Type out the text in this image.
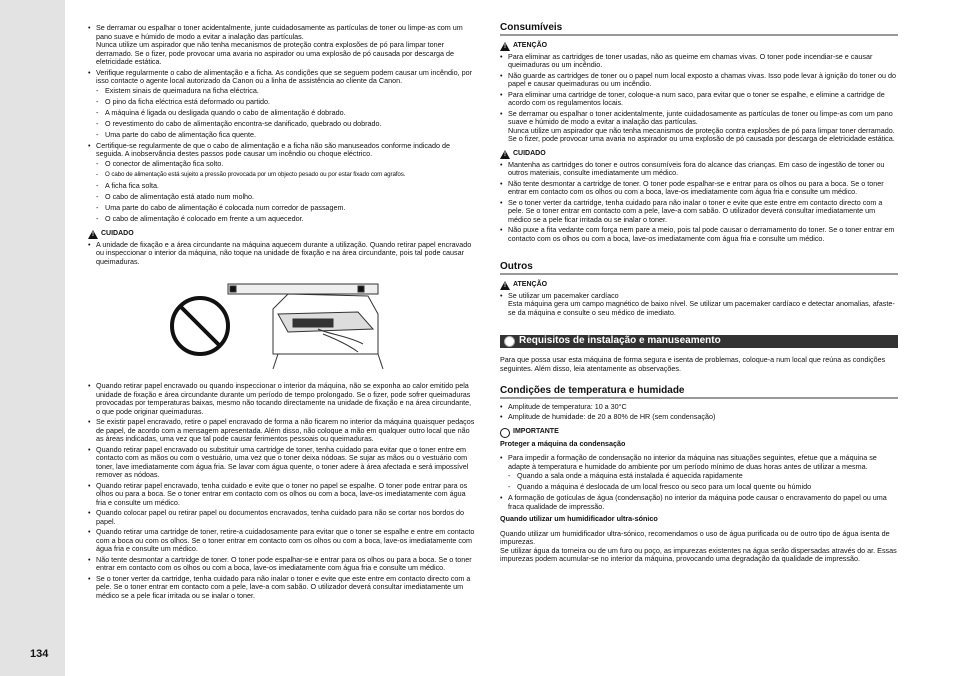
134
• Se derramar ou espalhar o toner acidentalmente, junte cuidadosamente as partículas de toner ou limpe-as com um pano suave e húmido de modo a evitar a inalação das partículas.
Nunca utilize um aspirador que não tenha mecanismos de proteção contra explosões de pó para limpar toner derramado. Se o fizer, pode provocar uma avaria no aspirador ou uma explosão de pó causada por descarga de eletricidade estática.
• Verifique regularmente o cabo de alimentação e a ficha. As condições que se seguem podem causar um incêndio, por isso contacte o agente local autorizado da Canon ou a linha de assistência ao cliente da Canon.
- Existem sinais de queimadura na ficha eléctrica.
- O pino da ficha eléctrica está deformado ou partido.
- A máquina é ligada ou desligada quando o cabo de alimentação é dobrado.
- O revestimento do cabo de alimentação encontra-se danificado, quebrado ou dobrado.
- Uma parte do cabo de alimentação fica quente.
• Certifique-se regularmente de que o cabo de alimentação e a ficha não são manuseados conforme indicado de seguida. A inobservância destes passos pode causar um incêndio ou choque eléctrico.
- O conector de alimentação fica solto.
- O cabo de alimentação está sujeito a pressão provocada por um objecto pesado ou por estar fixado com agrafos.
- A ficha fica solta.
- O cabo de alimentação está atado num molho.
- Uma parte do cabo de alimentação é colocada num corredor de passagem.
- O cabo de alimentação é colocado em frente a um aquecedor.
!
CUIDADO
• A unidade de fixação e a área circundante na máquina aquecem durante a utilização. Quando retirar papel encravado ou inspeccionar o interior da máquina, não toque na unidade de fixação e na área circundante, pois tal pode causar queimaduras.
• Quando retirar papel encravado ou quando inspeccionar o interior da máquina, não se exponha ao calor emitido pela unidade de fixação e área circundante durante um período de tempo prolongado. Se o fizer, pode sofrer queimaduras provocadas por temperaturas baixas, mesmo não tocando directamente na unidade de fixação e na área circundante, o que pode originar queimaduras.
• Se existir papel encravado, retire o papel encravado de forma a não ficarem no interior da máquina quaisquer pedaços de papel, de acordo com a mensagem apresentada. Além disso, não coloque a mão em qualquer outro local que não as áreas indicadas, uma vez que tal pode causar ferimentos pessoais ou queimaduras.
• Quando retirar papel encravado ou substituir uma cartridge de toner, tenha cuidado para evitar que o toner entre em contacto com as mãos ou com o vestuário, uma vez que o toner deixa nódoas. Se sujar as mãos ou o vestuário com toner, lave imediatamente com água fria. Se lavar com água quente, o toner adere à área afectada e será impossível remover as nódoas.
• Quando retirar papel encravado, tenha cuidado e evite que o toner no papel se espalhe. O toner pode entrar para os olhos ou para a boca. Se o toner entrar em contacto com os olhos ou com a boca, lave-os imediatamente com água fria e consulte um médico.
• Quando colocar papel ou retirar papel ou documentos encravados, tenha cuidado para não se cortar nos bordos do papel.
• Quando retirar uma cartridge de toner, retire-a cuidadosamente para evitar que o toner se espalhe e entre em contacto com a boca ou com os olhos. Se o toner entrar em contacto com os olhos ou com a boca, lave-os imediatamente com água fria e consulte um médico.
• Não tente desmontar a cartridge de toner. O toner pode espalhar-se e entrar para os olhos ou para a boca. Se o toner entrar em contacto com os olhos ou com a boca, lave-os imediatamente com água fria e consulte um médico.
• Se o toner verter da cartridge, tenha cuidado para não inalar o toner e evite que este entre em contacto directo com a pele. Se o toner entrar em contacto com a pele, lave-a com sabão. O utilizador deverá consultar imediatamente um médico se a pele ficar irritada ou se inalar o toner.
Consumíveis
!
ATENÇÃO
• Para eliminar as cartridges de toner usadas, não as queime em chamas vivas. O toner pode incendiar-se e causar queimaduras ou um incêndio.
• Não guarde as cartridges de toner ou o papel num local exposto a chamas vivas. Isso pode levar à ignição do toner ou do papel e causar queimaduras ou um incêndio.
• Para eliminar uma cartridge de toner, coloque-a num saco, para evitar que o toner se espalhe, e elimine a cartridge de acordo com os regulamentos locais.
• Se derramar ou espalhar o toner acidentalmente, junte cuidadosamente as partículas de toner ou limpe-as com um pano suave e húmido de modo a evitar a inalação das partículas.
Nunca utilize um aspirador que não tenha mecanismos de proteção contra explosões de pó para limpar toner derramado. Se o fizer, pode provocar uma avaria no aspirador ou uma explosão de pó causada por descarga de eletricidade estática.
!
CUIDADO
• Mantenha as cartridges do toner e outros consumíveis fora do alcance das crianças. Em caso de ingestão de toner ou outros materiais, consulte imediatamente um médico.
• Não tente desmontar a cartridge de toner. O toner pode espalhar-se e entrar para os olhos ou para a boca. Se o toner entrar em contacto com os olhos ou com a boca, lave-os imediatamente com água fria e consulte um médico.
• Se o toner verter da cartridge, tenha cuidado para não inalar o toner e evite que este entre em contacto directo com a pele. Se o toner entrar em contacto com a pele, lave-a com sabão. O utilizador deverá consultar imediatamente um médico se a pele ficar irritada ou se inalar o toner.
• Não puxe a fita vedante com força nem pare a meio, pois tal pode causar o derramamento do toner. Se o toner entrar em contacto com os olhos ou com a boca, lave-os imediatamente com água fria e consulte um médico.
Outros
!
ATENÇÃO
• Se utilizar um pacemaker cardíaco
Esta máquina gera um campo magnético de baixo nível. Se utilizar um pacemaker cardíaco e detectar anomalias, afaste-se da máquina e consulte o seu médico de imediato.
Requisitos de instalação e manuseamento
Para que possa usar esta máquina de forma segura e isenta de problemas, coloque-a num local que reúna as condições seguintes. Além disso, leia atentamente as observações.
Condições de temperatura e humidade
• Amplitude de temperatura: 10 a 30°C
• Amplitude de humidade: de 20 a 80% de HR (sem condensação)
IMPORTANTE
Proteger a máquina da condensação
• Para impedir a formação de condensação no interior da máquina nas situações seguintes, efetue que a máquina se adapte à temperatura e humidade do ambiente por um período mínimo de duas horas antes de utilizar a mesma.
- Quando a sala onde a máquina está instalada é aquecida rapidamente
- Quando a máquina é deslocada de um local fresco ou seco para um local quente ou húmido
• A formação de gotículas de água (condensação) no interior da máquina pode causar o encravamento do papel ou uma fraca qualidade de impressão.
Quando utilizar um humidificador ultra-sónico
Quando utilizar um humidificador ultra-sónico, recomendamos o uso de água purificada ou de outro tipo de água isenta de impurezas.
Se utilizar água da torneira ou de um furo ou poço, as impurezas existentes na água serão dispersadas através do ar. Essas impurezas podem acumular-se no interior da máquina, provocando uma degradação da qualidade de impressão.
